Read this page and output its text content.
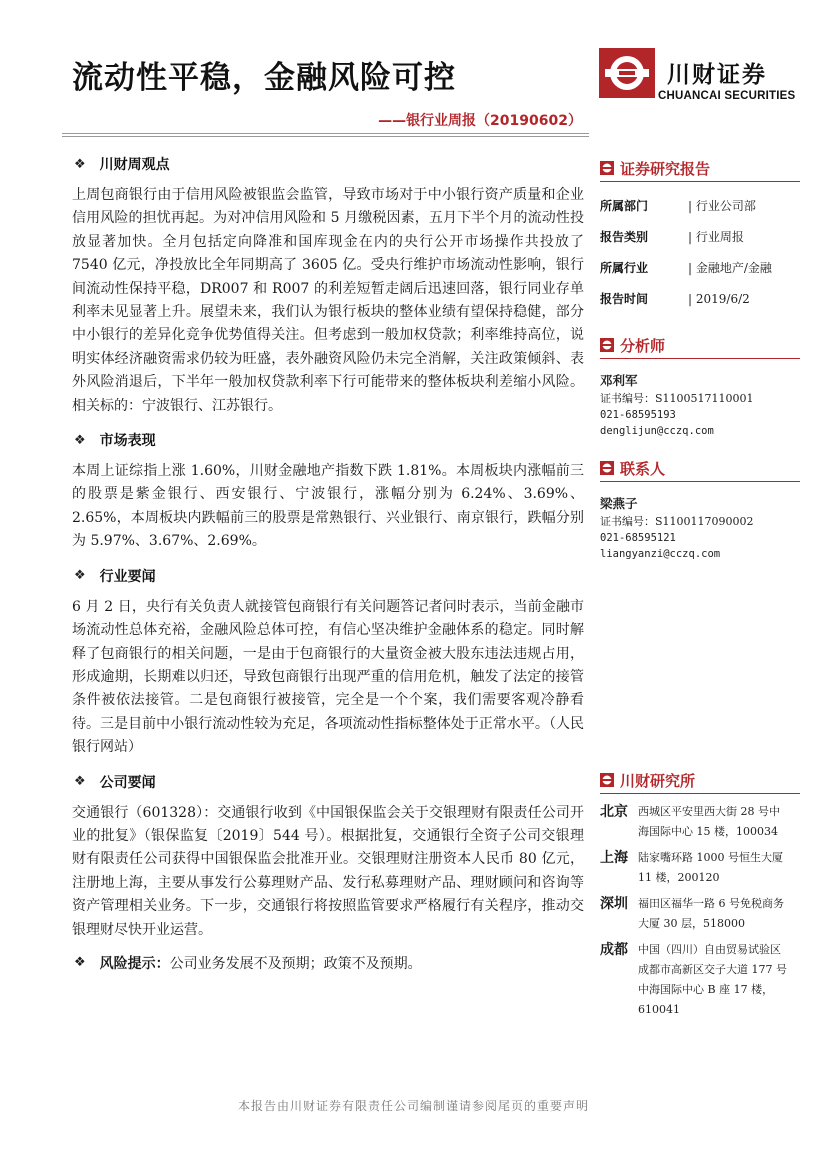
流动性平稳，金融风险可控
——银行业周报（20190602）
川财证券
CHUANCAI SECURITIES
❖ 川财周观点
上周包商银行由于信用风险被银监会监管，导致市场对于中小银行资产质量和企业信用风险的担忧再起。为对冲信用风险和 5 月缴税因素，五月下半个月的流动性投放显著加快。全月包括定向降准和国库现金在内的央行公开市场操作共投放了 7540 亿元，净投放比全年同期高了 3605 亿。受央行维护市场流动性影响，银行间流动性保持平稳，DR007 和 R007 的利差短暂走阔后迅速回落，银行同业存单利率未见显著上升。展望未来，我们认为银行板块的整体业绩有望保持稳健，部分中小银行的差异化竞争优势值得关注。但考虑到一般加权贷款；利率维持高位，说明实体经济融资需求仍较为旺盛，表外融资风险仍未完全消解，关注政策倾斜、表外风险消退后，下半年一般加权贷款利率下行可能带来的整体板块利差缩小风险。相关标的：宁波银行、江苏银行。
❖ 市场表现
本周上证综指上涨 1.60%，川财金融地产指数下跌 1.81%。本周板块内涨幅前三的股票是紫金银行、西安银行、宁波银行，涨幅分别为 6.24%、3.69%、2.65%，本周板块内跌幅前三的股票是常熟银行、兴业银行、南京银行，跌幅分别为 5.97%、3.67%、2.69%。
❖ 行业要闻
6 月 2 日，央行有关负责人就接管包商银行有关问题答记者问时表示，当前金融市场流动性总体充裕，金融风险总体可控，有信心坚决维护金融体系的稳定。同时解释了包商银行的相关问题，一是由于包商银行的大量资金被大股东违法违规占用，形成逾期，长期难以归还，导致包商银行出现严重的信用危机，触发了法定的接管条件被依法接管。二是包商银行被接管，完全是一个个案，我们需要客观冷静看待。三是目前中小银行流动性较为充足，各项流动性指标整体处于正常水平。（人民银行网站）
❖ 公司要闻
交通银行（601328）：交通银行收到《中国银保监会关于交银理财有限责任公司开业的批复》（银保监复〔2019〕544 号）。根据批复，交通银行全资子公司交银理财有限责任公司获得中国银保监会批准开业。交银理财注册资本人民币 80 亿元，注册地上海，主要从事发行公募理财产品、发行私募理财产品、理财顾问和咨询等资产管理相关业务。下一步，交通银行将按照监管要求严格履行有关程序，推动交银理财尽快开业运营。
❖ 风险提示： 公司业务发展不及预期；政策不及预期。
证券研究报告
所属部门	| 行业公司部
报告类别	| 行业周报
所属行业	| 金融地产/金融
报告时间	| 2019/6/2
分析师
邓利军
证书编号：S1100517110001
021-68595193
denglijun@cczq.com
联系人
梁燕子
证书编号：S1100117090002
021-68595121
liangyanzi@cczq.com
川财研究所
北京 西城区平安里西大街 28 号中海国际中心 15 楼，100034
上海 陆家嘴环路 1000 号恒生大厦 11 楼，200120
深圳 福田区福华一路 6 号免税商务大厦 30 层，518000
成都 中国（四川）自由贸易试验区成都市高新区交子大道 177 号中海国际中心 B 座 17 楼，610041
本报告由川财证券有限责任公司编制谨请参阅尾页的重要声明
